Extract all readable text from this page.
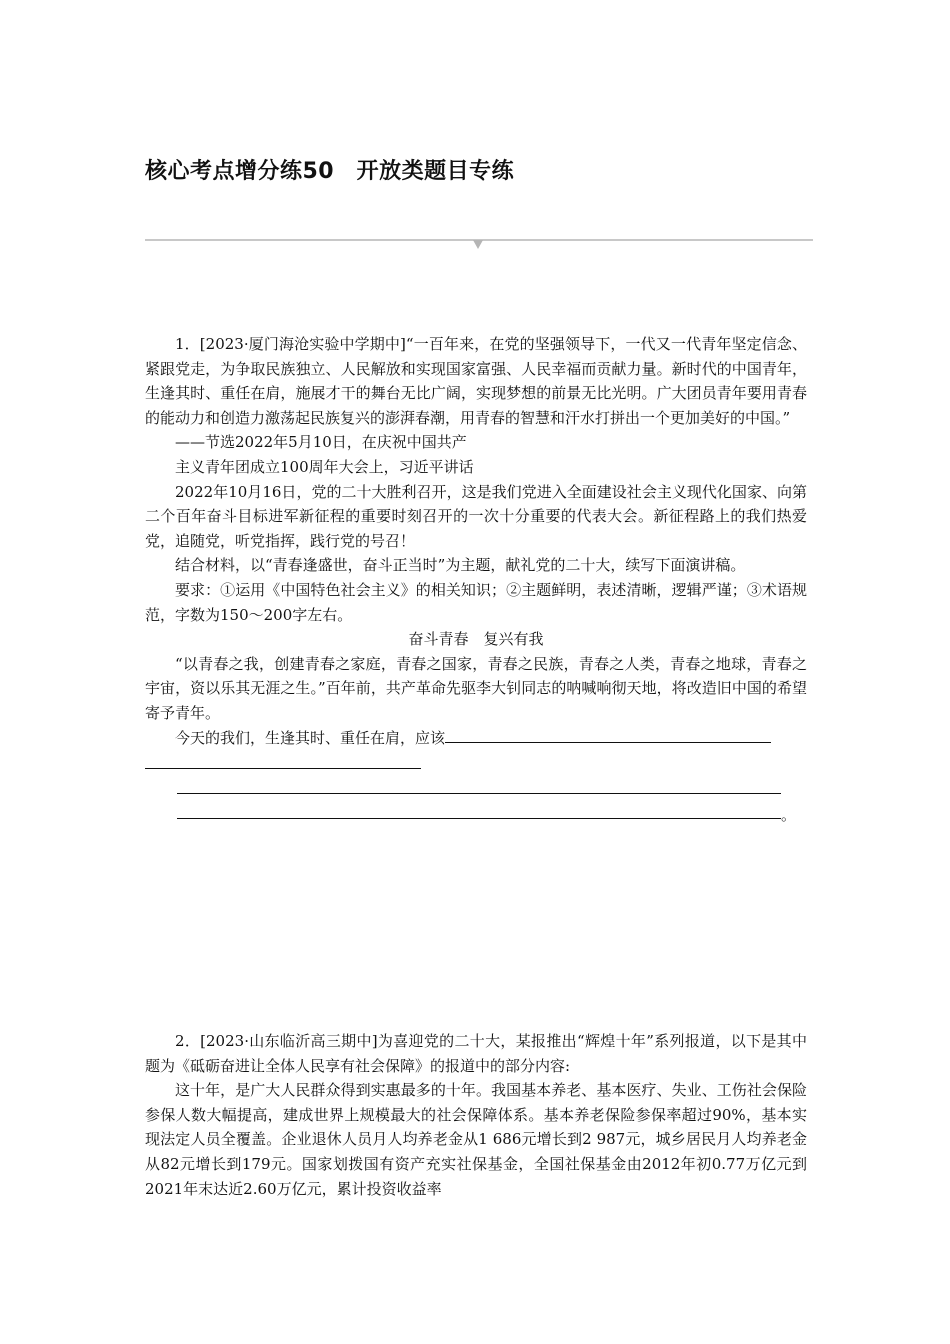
核心考点增分练50　开放类题目专练

1．[2023·厦门海沧实验中学期中]“一百年来，在党的坚强领导下，一代又一代青年坚定信念、紧跟党走，为争取民族独立、人民解放和实现国家富强、人民幸福而贡献力量。新时代的中国青年，生逢其时、重任在肩，施展才干的舞台无比广阔，实现梦想的前景无比光明。广大团员青年要用青春的能动力和创造力激荡起民族复兴的澎湃春潮，用青春的智慧和汗水打拼出一个更加美好的中国。”

——节选2022年5月10日，在庆祝中国共产

主义青年团成立100周年大会上，习近平讲话

2022年10月16日，党的二十大胜利召开，这是我们党进入全面建设社会主义现代化国家、向第二个百年奋斗目标进军新征程的重要时刻召开的一次十分重要的代表大会。新征程路上的我们热爱党，追随党，听党指挥，践行党的号召！

结合材料，以“青春逢盛世，奋斗正当时”为主题，献礼党的二十大，续写下面演讲稿。

要求：①运用《中国特色社会主义》的相关知识；②主题鲜明，表述清晰，逻辑严谨；③术语规范，字数为150～200字左右。

奋斗青春　复兴有我

“以青春之我，创建青春之家庭，青春之国家，青春之民族，青春之人类，青春之地球，青春之宇宙，资以乐其无涯之生。”百年前，共产革命先驱李大钊同志的呐喊响彻天地，将改造旧中国的希望寄予青年。

今天的我们，生逢其时、重任在肩，应该

。

2．[2023·山东临沂高三期中]为喜迎党的二十大，某报推出“辉煌十年”系列报道，以下是其中题为《砥砺奋进让全体人民享有社会保障》的报道中的部分内容:

这十年，是广大人民群众得到实惠最多的十年。我国基本养老、基本医疗、失业、工伤社会保险参保人数大幅提高，建成世界上规模最大的社会保障体系。基本养老保险参保率超过90%，基本实现法定人员全覆盖。企业退休人员月人均养老金从1 686元增长到2 987元，城乡居民月人均养老金从82元增长到179元。国家划拨国有资产充实社保基金，全国社保基金由2012年初0.77万亿元到2021年末达近2.60万亿元，累计投资收益率
